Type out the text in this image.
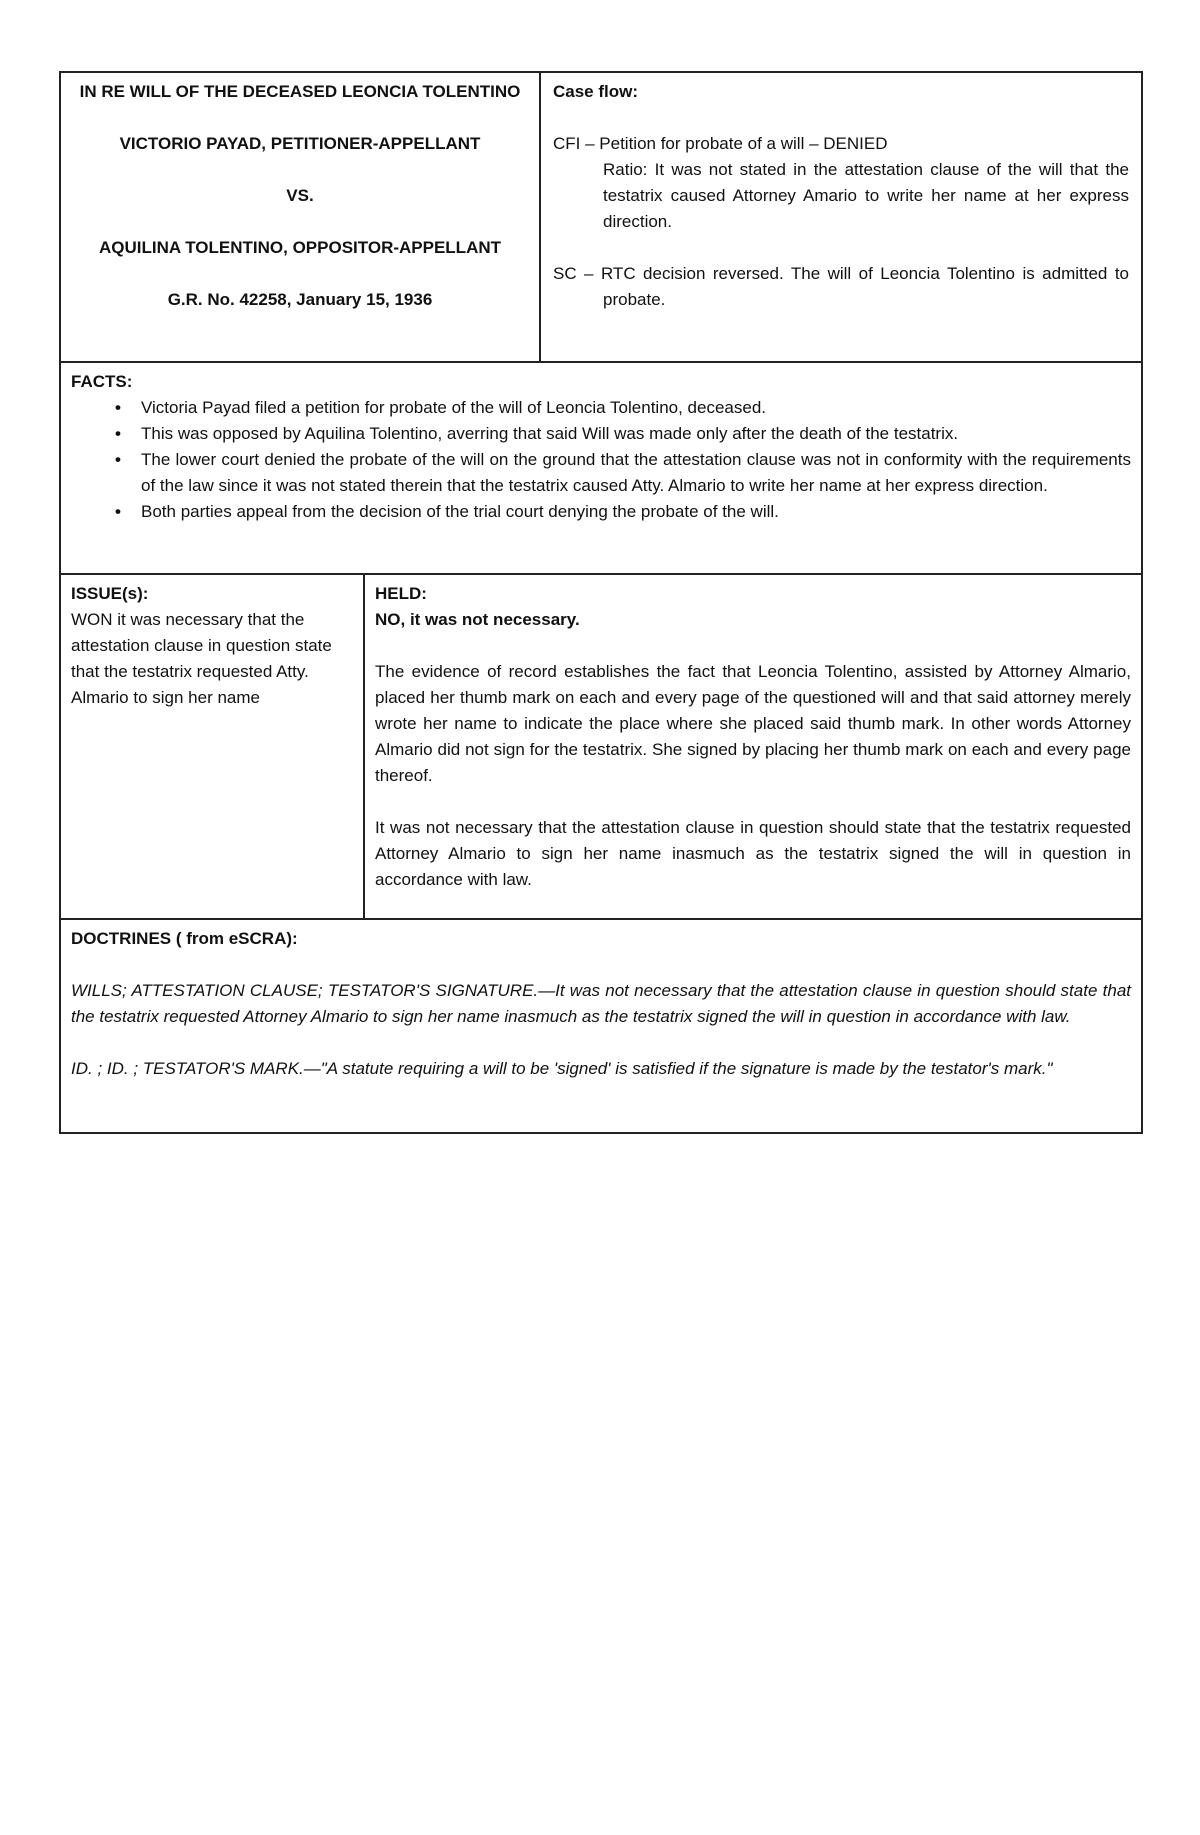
IN RE WILL OF THE DECEASED LEONCIA TOLENTINO

VICTORIO PAYAD, PETITIONER-APPELLANT

VS.

AQUILINA TOLENTINO, OPPOSITOR-APPELLANT

G.R. No. 42258, January 15, 1936

Case flow:

CFI – Petition for probate of a will – DENIED

Ratio: It was not stated in the attestation clause of the will that the testatrix caused Attorney Amario to write her name at her express direction.

SC – RTC decision reversed. The will of Leoncia Tolentino is admitted to probate.

FACTS:

• Victoria Payad filed a petition for probate of the will of Leoncia Tolentino, deceased.
• This was opposed by Aquilina Tolentino, averring that said Will was made only after the death of the testatrix.
• The lower court denied the probate of the will on the ground that the attestation clause was not in conformity with the requirements of the law since it was not stated therein that the testatrix caused Atty. Almario to write her name at her express direction.
• Both parties appeal from the decision of the trial court denying the probate of the will.

ISSUE(s):

WON it was necessary that the attestation clause in question state that the testatrix requested Atty. Almario to sign her name

HELD:

NO, it was not necessary.

The evidence of record establishes the fact that Leoncia Tolentino, assisted by Attorney Almario, placed her thumb mark on each and every page of the questioned will and that said attorney merely wrote her name to indicate the place where she placed said thumb mark. In other words Attorney Almario did not sign for the testatrix. She signed by placing her thumb mark on each and every page thereof.

It was not necessary that the attestation clause in question should state that the testatrix requested Attorney Almario to sign her name inasmuch as the testatrix signed the will in question in accordance with law.

DOCTRINES ( from eSCRA):

WILLS; ATTESTATION CLAUSE; TESTATOR'S SIGNATURE.—It was not necessary that the attestation clause in question should state that the testatrix requested Attorney Almario to sign her name inasmuch as the testatrix signed the will in question in accordance with law.

ID. ; ID. ; TESTATOR'S MARK.—"A statute requiring a will to be 'signed' is satisfied if the signature is made by the testator's mark."
